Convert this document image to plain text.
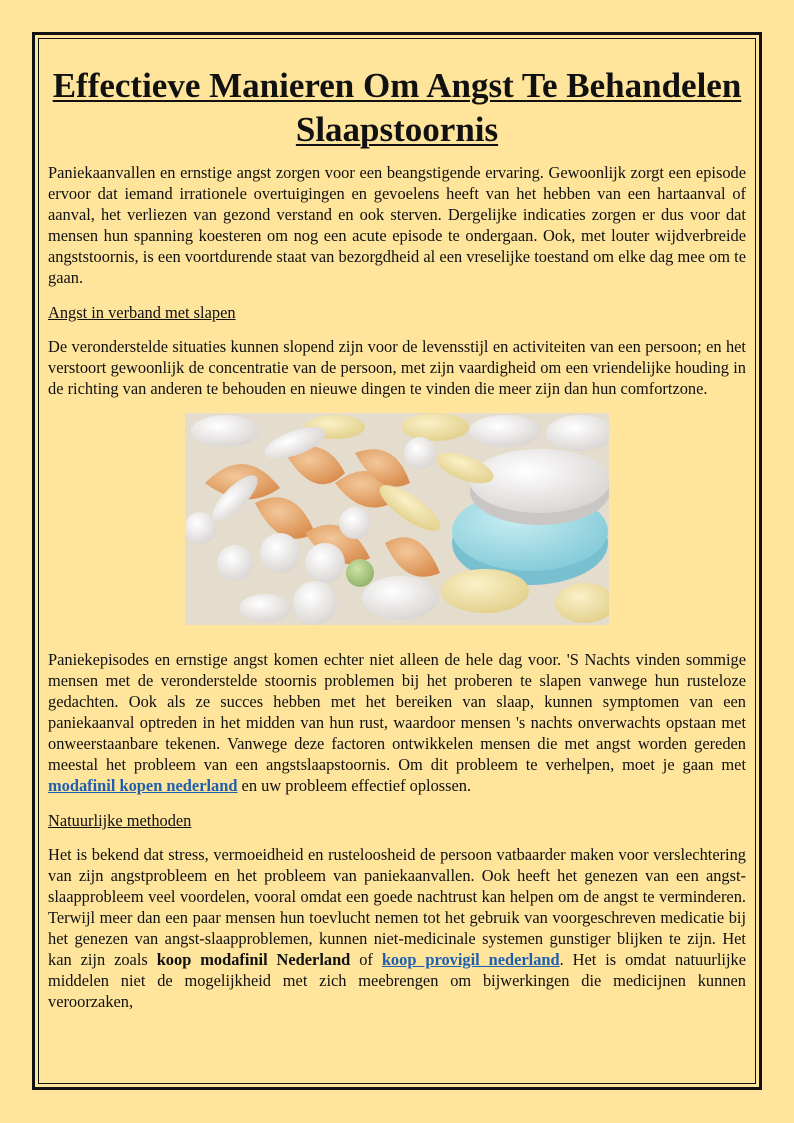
Effectieve Manieren Om Angst Te Behandelen Slaapstoornis

Paniekaanvallen en ernstige angst zorgen voor een beangstigende ervaring. Gewoonlijk zorgt een episode ervoor dat iemand irrationele overtuigingen en gevoelens heeft van het hebben van een hartaanval of aanval, het verliezen van gezond verstand en ook sterven. Dergelijke indicaties zorgen er dus voor dat mensen hun spanning koesteren om nog een acute episode te ondergaan. Ook, met louter wijdverbreide angststoornis, is een voortdurende staat van bezorgdheid al een vreselijke toestand om elke dag mee om te gaan.

Angst in verband met slapen

De veronderstelde situaties kunnen slopend zijn voor de levensstijl en activiteiten van een persoon; en het verstoort gewoonlijk de concentratie van de persoon, met zijn vaardigheid om een vriendelijke houding in de richting van anderen te behouden en nieuwe dingen te vinden die meer zijn dan hun comfortzone.

Paniekepisodes en ernstige angst komen echter niet alleen de hele dag voor. 'S Nachts vinden sommige mensen met de veronderstelde stoornis problemen bij het proberen te slapen vanwege hun rusteloze gedachten. Ook als ze succes hebben met het bereiken van slaap, kunnen symptomen van een paniekaanval optreden in het midden van hun rust, waardoor mensen 's nachts onverwachts opstaan met onweerstaanbare tekenen. Vanwege deze factoren ontwikkelen mensen die met angst worden gereden meestal het probleem van een angstslaapstoornis. Om dit probleem te verhelpen, moet je gaan met modafinil kopen nederland en uw probleem effectief oplossen.

Natuurlijke methoden

Het is bekend dat stress, vermoeidheid en rusteloosheid de persoon vatbaarder maken voor verslechtering van zijn angstprobleem en het probleem van paniekaanvallen. Ook heeft het genezen van een angst-slaapprobleem veel voordelen, vooral omdat een goede nachtrust kan helpen om de angst te verminderen. Terwijl meer dan een paar mensen hun toevlucht nemen tot het gebruik van voorgeschreven medicatie bij het genezen van angst-slaapproblemen, kunnen niet-medicinale systemen gunstiger blijken te zijn. Het kan zijn zoals koop modafinil Nederland of koop provigil nederland. Het is omdat natuurlijke middelen niet de mogelijkheid met zich meebrengen om bijwerkingen die medicijnen kunnen veroorzaken,
